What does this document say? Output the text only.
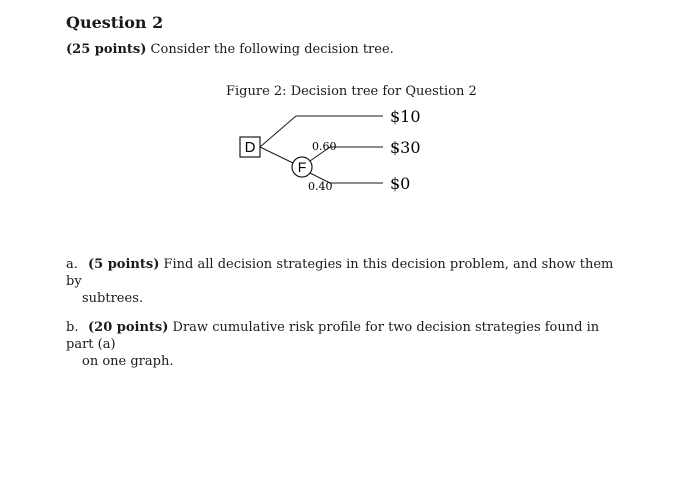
Question 2

(25 points) Consider the following decision tree.

Figure 2: Decision tree for Question 2

D
F
0.60
0.40
$10
$30
$0

a. (5 points) Find all decision strategies in this decision problem, and show them by
subtrees.

b. (20 points) Draw cumulative risk profile for two decision strategies found in part (a)
on one graph.
